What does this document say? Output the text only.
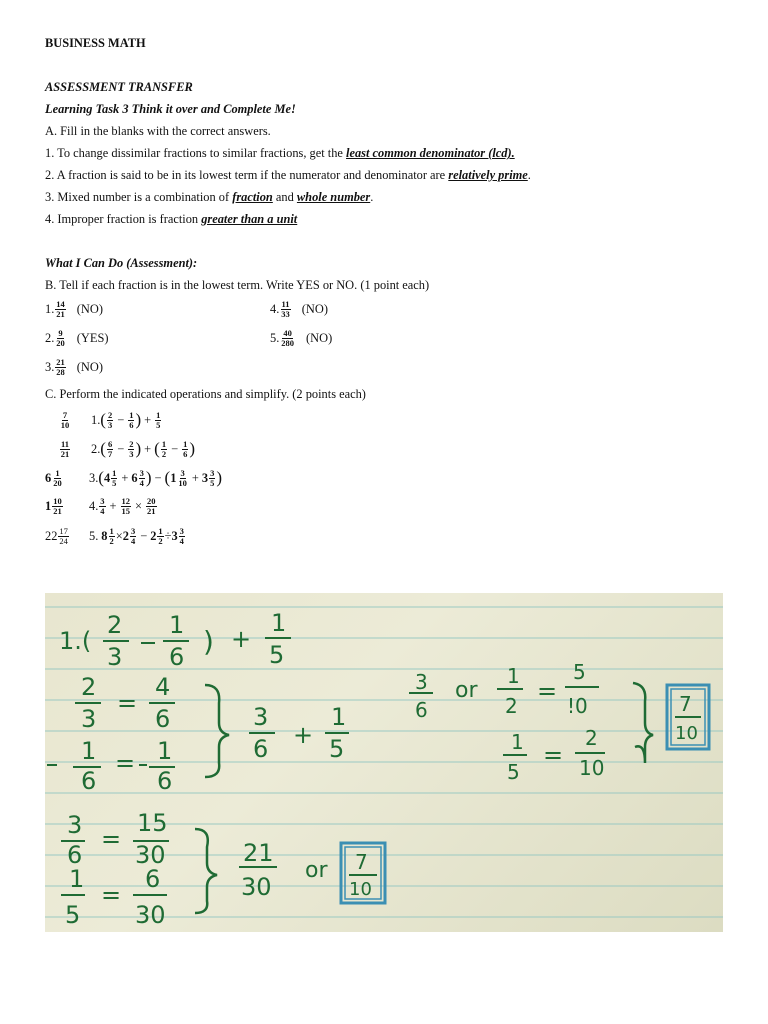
BUSINESS MATH
ASSESSMENT TRANSFER
Learning Task 3 Think it over and Complete Me!
A. Fill in the blanks with the correct answers.
1. To change dissimilar fractions to similar fractions, get the least common denominator (lcd).
2. A fraction is said to be in its lowest term if the numerator and denominator are relatively prime.
3. Mixed number is a combination of fraction and whole number.
4. Improper fraction is fraction greater than a unit
What I Can Do (Assessment):
B. Tell if each fraction is in the lowest term. Write YES or NO. (1 point each)
1. $\frac{14}{21} (NO)$	4. $\frac{11}{33} (NO)$
2. $\frac{9}{20} (YES)$	5. $\frac{40}{280} (NO)$
3. $\frac{21}{28} (NO)$
C. Perform the indicated operations and simplify. (2 points each)
$\frac{7}{10} 1$. ( $\frac{2}{3} - \frac{1}{6}$ ) + $\frac{1}{5}$
$\frac{11}{21} 2$. ( $\frac{6}{7} - \frac{2}{3}$ ) + ( $\frac{1}{2} - \frac{1}{6}$ )
$6 \frac{1}{20} 3$. ( $4 \frac{1}{5} + 6 \frac{3}{4}$ ) − ( $1 \frac{3}{10} + 3 \frac{3}{5}$ )
$1 \frac{10}{21} 4$. $\frac{3}{4} + \frac{12}{15} \times \frac{20}{21}$
$22 \frac{17}{24} 5$. $8 \frac{1}{2} \times 2 \frac{3}{4} - 2 \frac{1}{2} \div 3 \frac{3}{4}$
1.(
2
3
1
6 ) +
1
5
2
3
=
4
6
1
6
= 1
6
3
6 +
1
5
3
6
or
1
2
=
5
!0
1
5
=
2
10
3
6
=
15
30
1
5
=
6
30
21
30
or
7
10
7
10
